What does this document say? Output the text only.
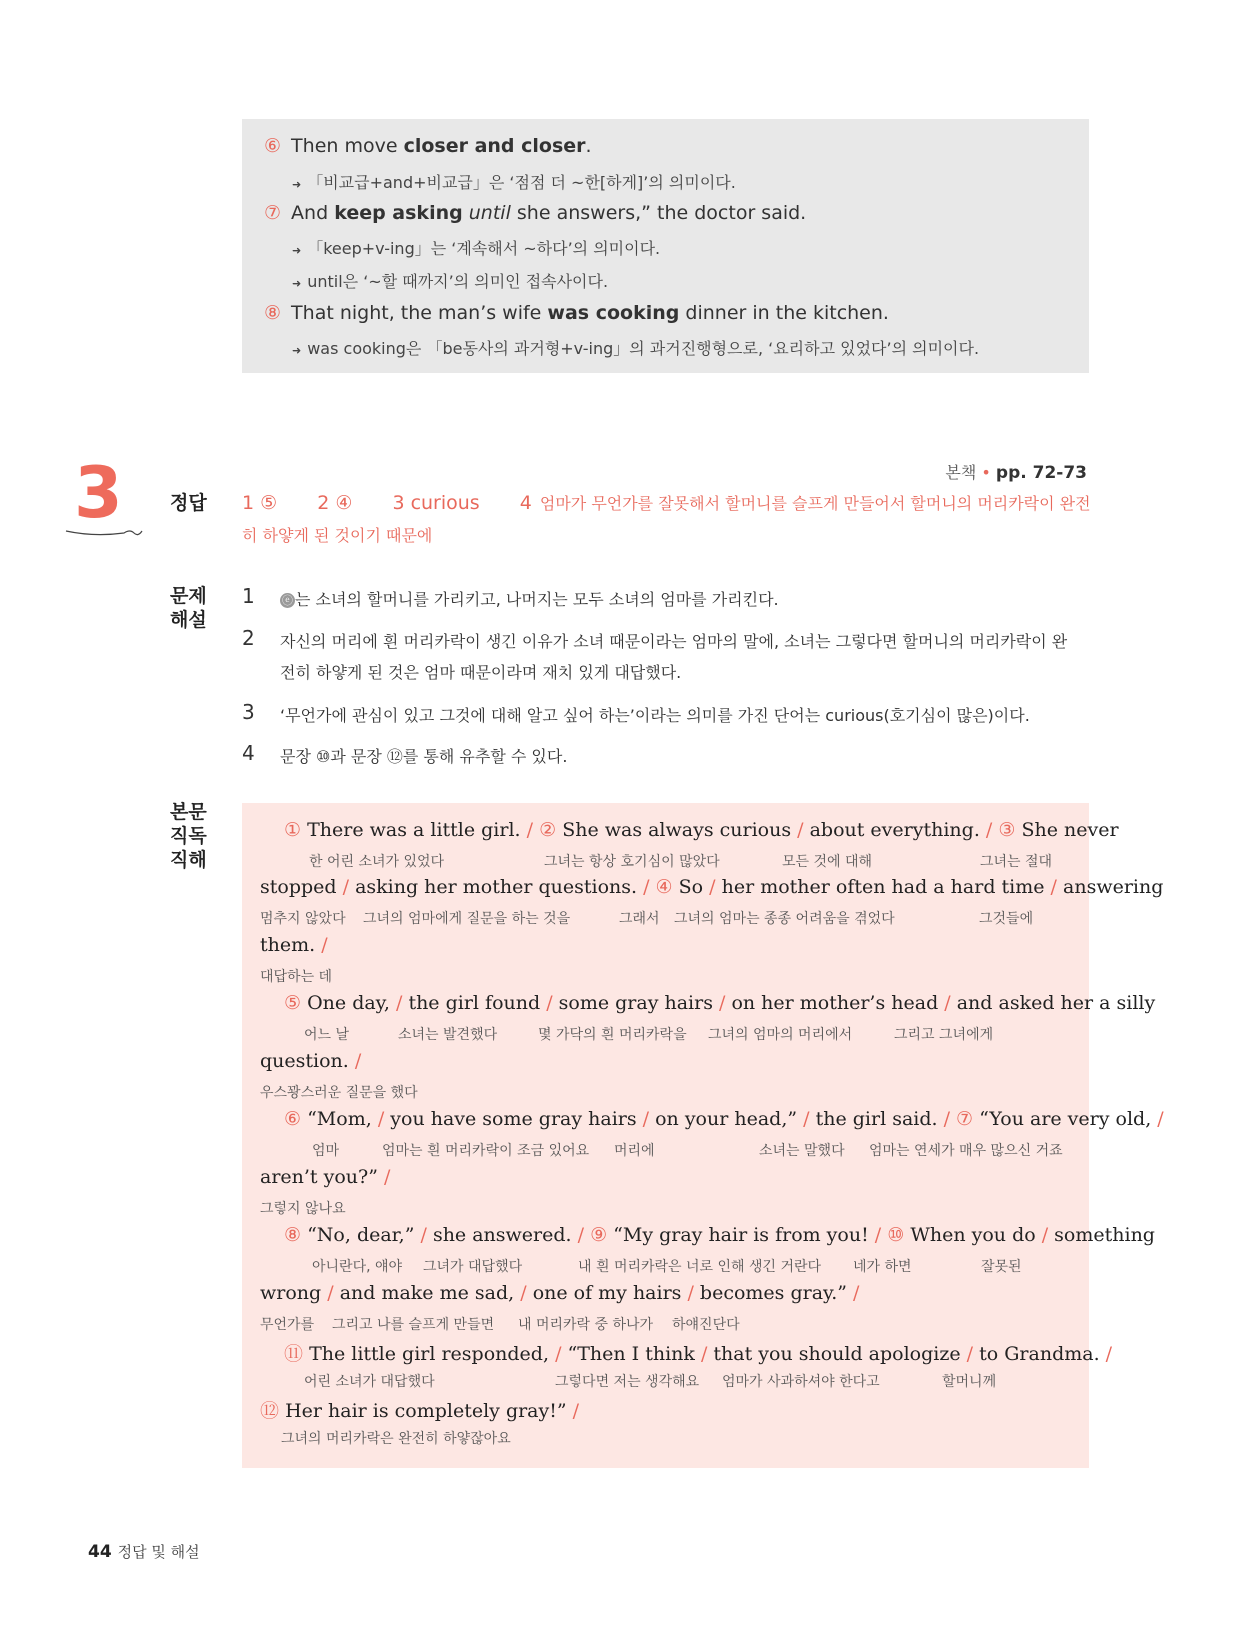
⑥ Then move closer and closer.
➜ 「비교급+and+비교급」은 ‘점점 더 ~한[하게]’의 의미이다.
⑦ And keep asking until she answers,” the doctor said.
➜ 「keep+v-ing」는 ‘계속해서 ~하다’의 의미이다.
➜ until은 ‘~할 때까지’의 의미인 접속사이다.
⑧ That night, the man’s wife was cooking dinner in the kitchen.
➜ was cooking은 「be동사의 과거형+v-ing」의 과거진행형으로, ‘요리하고 있었다’의 의미이다.
본책 • pp. 72-73
3 정답 1 ⑤ 2 ④ 3 curious 4 엄마가 무언가를 잘못해서 할머니를 슬프게 만들어서 할머니의 머리카락이 완전
히 하얗게 된 것이기 때문에
문제
해설
1 ⓔ 는 소녀의 할머니를 가리키고, 나머지는 모두 소녀의 엄마를 가리킨다.
2 자신의 머리에 흰 머리카락이 생긴 이유가 소녀 때문이라는 엄마의 말에, 소녀는 그렇다면 할머니의 머리카락이 완
전히 하얗게 된 것은 엄마 때문이라며 재치 있게 대답했다.
3 ‘무언가에 관심이 있고 그것에 대해 알고 싶어 하는’이라는 의미를 가진 단어는 curious(호기심이 많은)이다.
4 문장 ⑩과 문장 ⑫를 통해 유추할 수 있다.
본문
직독
직해
① There was a little girl. / ② She was always curious / about everything. / ③ She never
한 어린 소녀가 있었다	그녀는 항상 호기심이 많았다	모든 것에 대해	그녀는 절대
stopped / asking her mother questions. / ④ So / her mother often had a hard time / answering
멈추지 않았다 그녀의 엄마에게 질문을 하는 것을	그래서 그녀의 엄마는 종종 어려움을 겪었다	그것들에
them. /
대답하는 데
⑤ One day, / the girl found / some gray hairs / on her mother’s head / and asked her a silly
어느 날	소녀는 발견했다	몇 가닥의 흰 머리카락을 그녀의 엄마의 머리에서	그리고 그녀에게
question. /
우스꽝스러운 질문을 했다
⑥ “Mom, / you have some gray hairs / on your head,” / the girl said. / ⑦ “You are very old, /
엄마	엄마는 흰 머리카락이 조금 있어요 머리에	소녀는 말했다 엄마는 연세가 매우 많으신 거죠
aren’t you?” /
그렇지 않나요
⑧ “No, dear,” / she answered. / ⑨ “My gray hair is from you! / ⑩ When you do / something
아니란다, 얘야 그녀가 대답했다	내 흰 머리카락은 너로 인해 생긴 거란다 네가 하면	잘못된
wrong / and make me sad, / one of my hairs / becomes gray.” /
무언가를 그리고 나를 슬프게 만들면 내 머리카락 중 하나가 하얘진단다
⑪ The little girl responded, / “Then I think / that you should apologize / to Grandma. /
어린 소녀가 대답했다	그렇다면 저는 생각해요 엄마가 사과하셔야 한다고	할머니께
⑫ Her hair is completely gray!” /
그녀의 머리카락은 완전히 하얗잖아요
44 정답 및 해설
